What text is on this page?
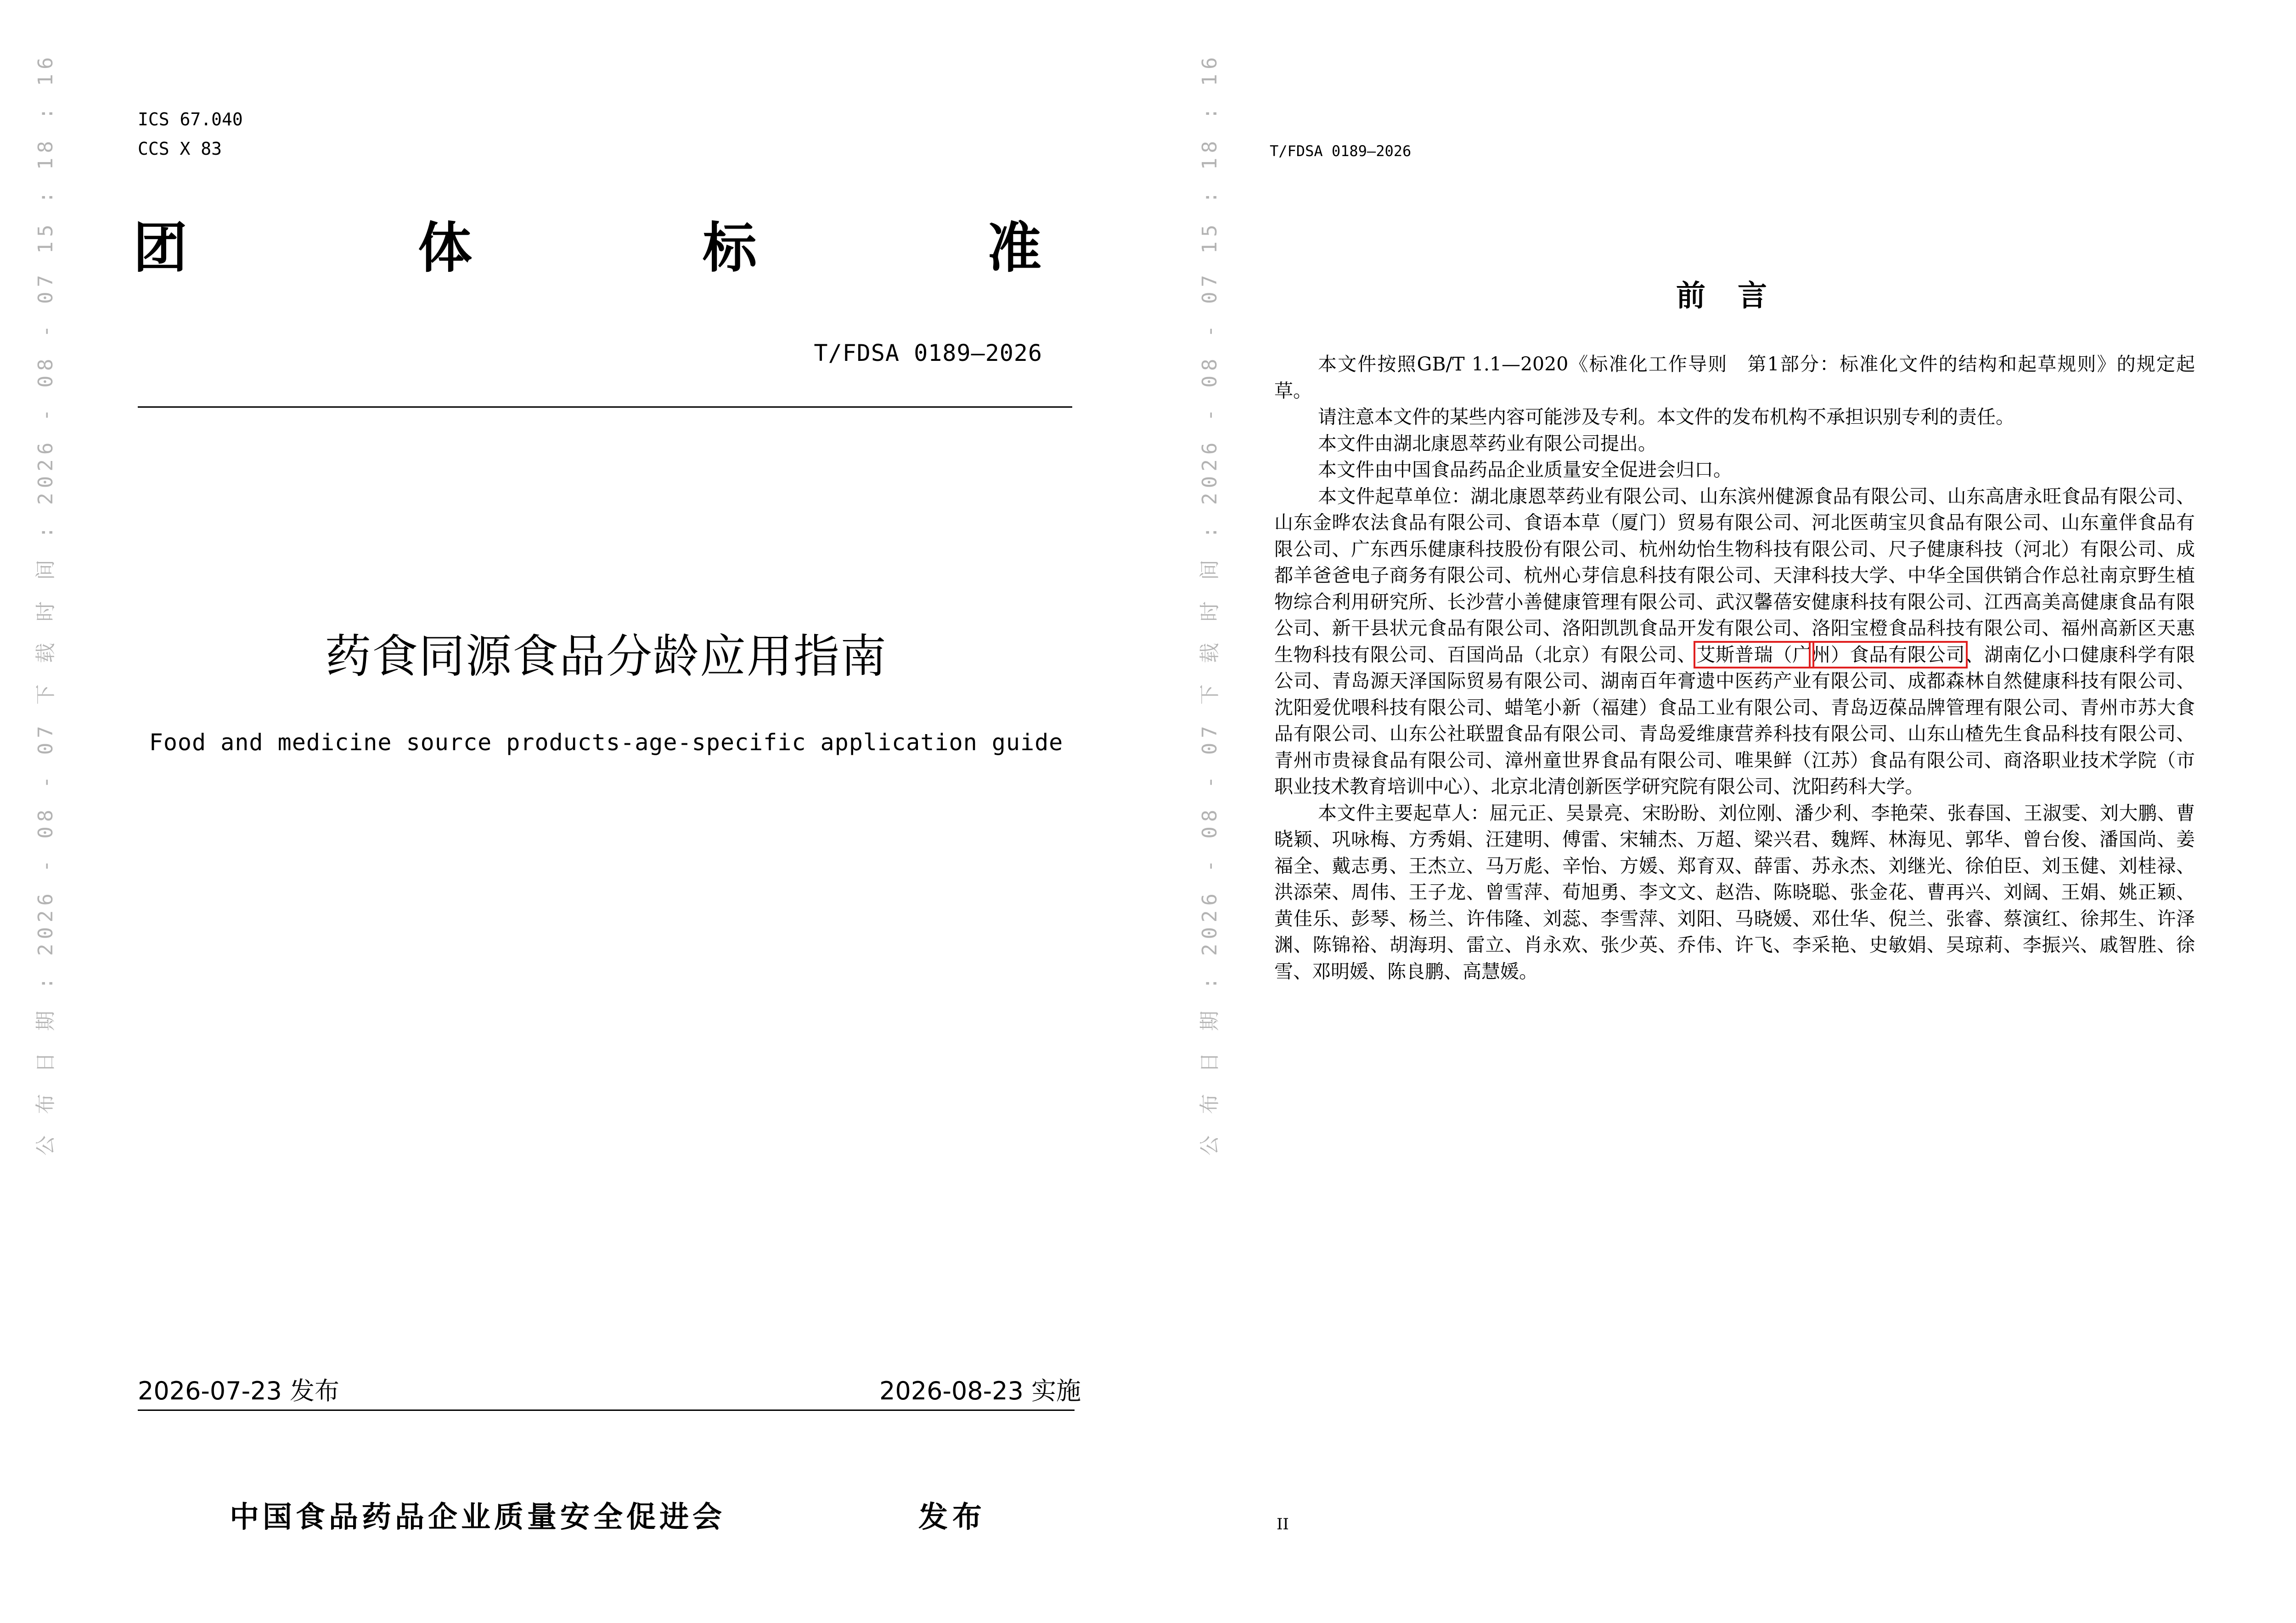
公 布 日 期 : 2026 - 08 - 07 下 载 时 间 : 2026 - 08 - 07 15 : 18 : 16	ICS 67.040
CCS X 83
团	体	标	准
T/FDSA 0189—2026
药食同源食品分龄应用指南
Food and medicine source products-age-specific application guide
2026-07-23 发布	2026-08-23 实施
中国食品药品企业质量安全促进会	发布
公 布 日 期 : 2026 - 08 - 07 下 载 时 间 : 2026 - 08 - 07 15 : 18 : 16	T/FDSA 0189—2026
前言

本文件按照GB/T 1.1—2020《标准化工作导则　第1部分：标准化文件的结构和起草规则》的规定起草。

请注意本文件的某些内容可能涉及专利。本文件的发布机构不承担识别专利的责任。

本文件由湖北康恩萃药业有限公司提出。

本文件由中国食品药品企业质量安全促进会归口。

本文件起草单位：湖北康恩萃药业有限公司、山东滨州健源食品有限公司、山东高唐永旺食品有限公司、山东金晔农法食品有限公司、食语本草（厦门）贸易有限公司、河北医萌宝贝食品有限公司、山东童伴食品有限公司、广东西乐健康科技股份有限公司、杭州幼怡生物科技有限公司、尺子健康科技（河北）有限公司、成都羊爸爸电子商务有限公司、杭州心芽信息科技有限公司、天津科技大学、中华全国供销合作总社南京野生植物综合利用研究所、长沙营小善健康管理有限公司、武汉馨蓓安健康科技有限公司、江西高美高健康食品有限公司、新干县状元食品有限公司、洛阳凯凯食品开发有限公司、洛阳宝橙食品科技有限公司、福州高新区天惠生物科技有限公司、百国尚品（北京）有限公司、艾斯普瑞（广州）食品有限公司、湖南亿小口健康科学有限公司、青岛源天泽国际贸易有限公司、湖南百年膏遗中医药产业有限公司、成都森林自然健康科技有限公司、沈阳爱优喂科技有限公司、蜡笔小新（福建）食品工业有限公司、青岛迈葆品牌管理有限公司、青州市苏大食品有限公司、山东公社联盟食品有限公司、青岛爱维康营养科技有限公司、山东山楂先生食品科技有限公司、青州市贵禄食品有限公司、漳州童世界食品有限公司、唯果鲜（江苏）食品有限公司、商洛职业技术学院（市职业技术教育培训中心）、北京北清创新医学研究院有限公司、沈阳药科大学。

本文件主要起草人：屈元正、吴景亮、宋盼盼、刘位刚、潘少利、李艳荣、张春国、王淑雯、刘大鹏、曹晓颖、巩咏梅、方秀娟、汪建明、傅雷、宋辅杰、万超、梁兴君、魏辉、林海见、郭华、曾台俊、潘国尚、姜福全、戴志勇、王杰立、马万彪、辛怡、方媛、郑育双、薛雷、苏永杰、刘继光、徐伯臣、刘玉健、刘桂禄、洪添荣、周伟、王子龙、曾雪萍、荀旭勇、李文文、赵浩、陈晓聪、张金花、曹再兴、刘阔、王娟、姚正颖、黄佳乐、彭琴、杨兰、许伟隆、刘蕊、李雪萍、刘阳、马晓媛、邓仕华、倪兰、张睿、蔡演红、徐邦生、许泽渊、陈锦裕、胡海玥、雷立、肖永欢、张少英、乔伟、许飞、李采艳、史敏娟、吴琼莉、李振兴、戚智胜、徐雪、邓明媛、陈良鹏、高慧媛。

II
